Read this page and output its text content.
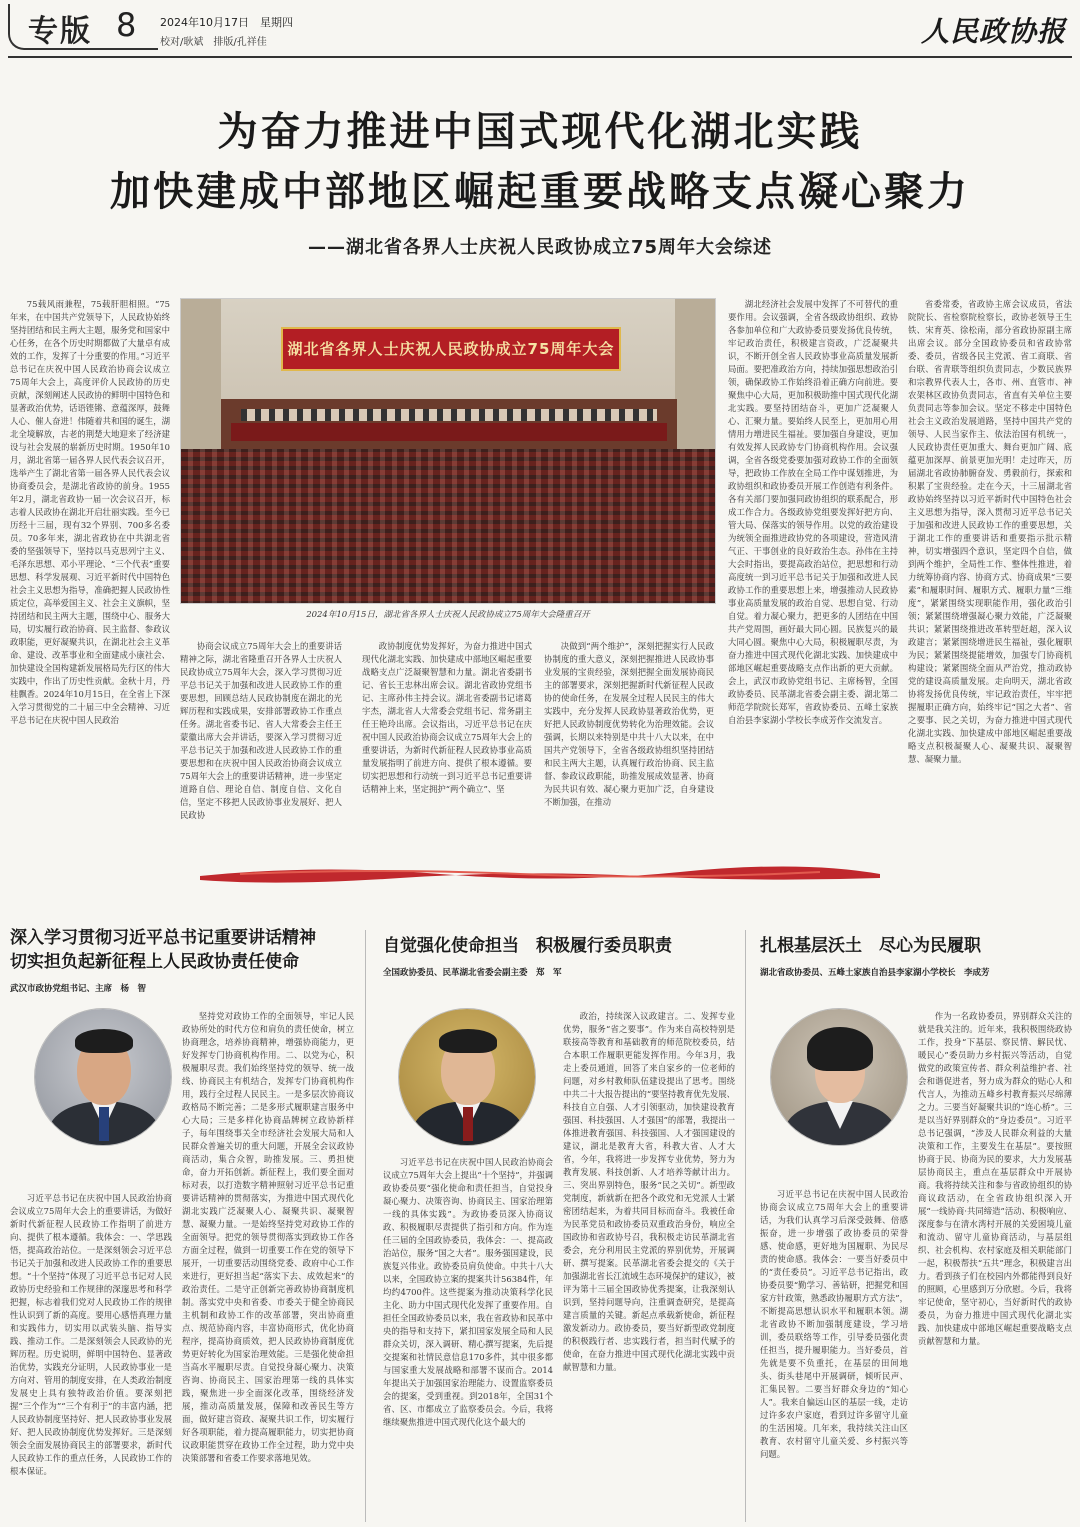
专版 8 2024年10月17日　星期四
校对/耿斌　排版/孔祥佳	人民政协报
为奋力推进中国式现代化湖北实践
加快建成中部地区崛起重要战略支点凝心聚力
——湖北省各界人士庆祝人民政协成立75周年大会综述

75载风雨兼程，75载肝胆相照。“75年来，在中国共产党领导下，人民政协始终坚持团结和民主两大主题，服务党和国家中心任务，在各个历史时期都做了大量卓有成效的工作，发挥了十分重要的作用。”习近平总书记在庆祝中国人民政治协商会议成立75周年大会上，高度评价人民政协的历史贡献，深刻阐述人民政协的鲜明中国特色和显著政治优势，话语铿锵、意蕴深厚，鼓舞人心、催人奋进！伟随着共和国的诞生，湖北全境解放，古老的荆楚大地迎来了经济建设与社会发展的崭新历史时期。1950年10月，湖北省第一届各界人民代表会议召开，选举产生了湖北省第一届各界人民代表会议协商委员会，是湖北省政协的前身。1955年2月，湖北省政协一届一次会议召开，标志着人民政协在湖北开启壮丽实践。至今已历经十三届，现有32个界别、700多名委员。70多年来，湖北省政协在中共湖北省委的坚强领导下，坚持以马克思列宁主义、毛泽东思想、邓小平理论、“三个代表”重要思想、科学发展观、习近平新时代中国特色社会主义思想为指导，准确把握人民政协性质定位，高举爱国主义、社会主义旗帜，坚持团结和民主两大主题，围绕中心、服务大局，切实履行政治协商、民主监督、参政议政职能，更好凝聚共识，在湖北社会主义革命、建设、改革事业和全面建成小康社会、加快建设全国构建新发展格局先行区的伟大实践中，作出了历史性贡献。金秋十月，丹桂飘香。2024年10月15日，在全省上下深入学习贯彻党的二十届三中全会精神、习近平总书记在庆祝中国人民政治

湖北省各界人士庆祝人民政协成立75周年大会
2024年10月15日，湖北省各界人士庆祝人民政协成立75周年大会隆重召开

协商会议成立75周年大会上的重要讲话精神之际，湖北省隆重召开各界人士庆祝人民政协成立75周年大会，深入学习贯彻习近平总书记关于加强和改进人民政协工作的重要思想，回顾总结人民政协制度在湖北的光辉历程和实践成果，安排部署政协工作重点任务。湖北省委书记、省人大常委会主任王蒙徽出席大会并讲话，要深入学习贯彻习近平总书记关于加强和改进人民政协工作的重要思想和在庆祝中国人民政治协商会议成立75周年大会上的重要讲话精神，进一步坚定道路自信、理论自信、制度自信、文化自信，坚定不移把人民政协事业发展好、把人民政协

政协制度优势发挥好，为奋力推进中国式现代化湖北实践、加快建成中部地区崛起重要战略支点广泛凝聚智慧和力量。湖北省委副书记、省长王忠林出席会议。湖北省政协党组书记、主席孙伟主持会议。湖北省委副书记诸葛宇杰，湖北省人大常委会党组书记、常务副主任王艳玲出席。会议指出，习近平总书记在庆祝中国人民政治协商会议成立75周年大会上的重要讲话，为新时代新征程人民政协事业高质量发展指明了前进方向、提供了根本遵循。要切实把思想和行动统一到习近平总书记重要讲话精神上来，坚定拥护“两个确立”、坚

决做到“两个维护”，深刻把握实行人民政协制度的重大意义，深刻把握推进人民政协事业发展的宝贵经验，深刻把握全面发展协商民主的部署要求，深刻把握新时代新征程人民政协的使命任务，在发展全过程人民民主的伟大实践中，充分发挥人民政协显著政治优势，更好把人民政协制度优势转化为治理效能。会议强调，长期以来特别是中共十八大以来，在中国共产党领导下，全省各级政协组织坚持团结和民主两大主题，认真履行政治协商、民主监督、参政议政职能，助推发展成效显著、协商为民共识有效、凝心聚力更加广泛，自身建设不断加强，在推动

湖北经济社会发展中发挥了不可替代的重要作用。会议强调，全省各级政协组织、政协各参加单位和广大政协委员要发扬优良传统，牢记政治责任，积极建言资政，广泛凝聚共识，不断开创全省人民政协事业高质量发展新局面。要把准政治方向，持续加强思想政治引领，确保政协工作始终沿着正确方向前进。要聚焦中心大局，更加积极助推中国式现代化湖北实践。要坚持团结奋斗，更加广泛凝聚人心、汇聚力量。要始终人民至上，更加用心用情用力增进民生福祉。要加强自身建设，更加有效发挥人民政协专门协商机构作用。会议强调，全省各级党委要加强对政协工作的全面领导，把政协工作放在全局工作中谋划推进，为政协组织和政协委员开展工作创造有利条件。各有关部门要加强同政协组织的联系配合，形成工作合力。各级政协党组要发挥好把方向、管大局、保落实的领导作用。以党的政治建设为统领全面推进政协党的各项建设，营造风清气正、干事创业的良好政治生态。孙伟在主持大会时指出，要提高政治站位，把思想和行动高度统一到习近平总书记关于加强和改进人民政协工作的重要思想上来，增强推动人民政协事业高质量发展的政治自觉、思想自觉、行动自觉。着力凝心聚力，把更多的人团结在中国共产党周围，画好最大同心圆。民族复兴的最大同心圆。聚焦中心大局，积极履职尽责，为奋力推进中国式现代化湖北实践、加快建成中部地区崛起重要战略支点作出新的更大贡献。会上，武汉市政协党组书记、主席杨智，全国政协委员、民革湖北省委会副主委、湖北第二师范学院院长郑军，省政协委员、五峰土家族自治县李家湖小学校长李成芳作交流发言。

省委常委，省政协主席会议成员，省法院院长、省检察院检察长，政协老领导王生铁、宋育英、徐松南，部分省政协原副主席出席会议。部分全国政协委员和省政协常委、委员，省级各民主党派、省工商联、省台联、省青联等组织负责同志，少数民族界和宗教界代表人士，各市、州、直管市、神农架林区政协负责同志，省直有关单位主要负责同志等参加会议。坚定不移走中国特色社会主义政治发展道路，坚持中国共产党的领导、人民当家作主、依法治国有机统一，人民政协责任更加重大、舞台更加广阔、底蕴更加深厚、前景更加光明！走过昨天，历届湖北省政协肺腑奋发、勇毅前行，探索和积累了宝贵经验。走在今天，十三届湖北省政协始终坚持以习近平新时代中国特色社会主义思想为指导，深入贯彻习近平总书记关于加强和改进人民政协工作的重要思想，关于湖北工作的重要讲话和重要指示批示精神，切实增强四个意识，坚定四个自信，做到两个维护，全局性工作、整体性推进，着力统筹协商内容、协商方式、协商成果“三要素”和履职时间、履职方式、履职力量“三维度”，紧紧围绕实现职能作用，强化政治引领；紧紧围绕增强凝心聚力效能，广泛凝聚共识；紧紧围绕推进改革转型赶超，深入议政建言；紧紧围绕增进民生福祉，强化履职为民；紧紧围绕提能增效，加强专门协商机构建设；紧紧围绕全面从严治党，推动政协党的建设高质量发展。走向明天，湖北省政协将发扬优良传统，牢记政治责任，牢牢把握履职正确方向，始终牢记“国之大者”、省之要事、民之关切，为奋力推进中国式现代化湖北实践、加快建成中部地区崛起重要战略支点积极凝聚人心、凝聚共识、凝聚智慧、凝聚力量。

深入学习贯彻习近平总书记重要讲话精神
切实担负起新征程上人民政协责任使命
武汉市政协党组书记、主席　杨　智

习近平总书记在庆祝中国人民政治协商会议成立75周年大会上的重要讲话，为做好新时代新征程人民政协工作指明了前进方向、提供了根本遵循。我体会：一、学思践悟，提高政治站位。一是深刻领会习近平总书记关于加强和改进人民政协工作的重要思想。“十个坚持”体现了习近平总书记对人民政协历史经验和工作规律的深邃思考和科学把握，标志着我们党对人民政协工作的规律性认识到了新的高度。要用心感悟真理力量和实践伟力，切实用以武装头脑、指导实践、推动工作。二是深刻领会人民政协的光辉历程。历史说明，鲜明中国特色、显著政治优势，实践充分证明，人民政协事业一是方向对、管用的制度安排，在人类政治制度发展史上具有独特政治价值。要深刻把握“三个作为”“三个有利于”的丰富内涵，把人民政协制度坚持好、把人民政协事业发展好、把人民政协制度优势发挥好。三是深刻领会全面发展协商民主的部署要求，新时代人民政协工作的重点任务，人民政协工作的根本保证。

坚持党对政协工作的全面领导，牢记人民政协所处的时代方位和肩负的责任使命，树立协商理念，培养协商精神，增强协商能力，更好发挥专门协商机构作用。二、以党为心，积极履职尽责。我们始终坚持党的领导、统一战线、协商民主有机结合，发挥专门协商机构作用，践行全过程人民民主。一是多层次协商议政格局不断完善；二是多形式履职建言服务中心大局；三是多样化协商品牌树立政协新样子，每年围绕事关全市经济社会发展大局和人民群众普遍关切的重大问题，开展全会议政协商活动，集合众智，助推发展。三、勇担使命，奋力开拓创新。新征程上，我们要全面对标对表，以打造数字精神照射习近平总书记重要讲话精神的贯彻落实，为推进中国式现代化湖北实践广泛凝聚人心、凝聚共识、凝聚智慧、凝聚力量。一是始终坚持党对政协工作的全面领导。把党的领导贯彻落实到政协工作各方面全过程，做到一切重要工作在党的领导下展开，一切重要活动围绕党委、政府中心工作来进行，更好担当起“落实下去、成效起来”的政治责任。二是守正创新完善政协协商制度机制。落实党中央和省委、市委关于健全协商民主机制和政协工作的改革部署，突出协商重点、规范协商内容，丰富协商形式，优化协商程序，提高协商质效，把人民政协协商制度优势更好转化为国家治理效能。三是强化使命担当高水平履职尽责。自觉投身凝心聚力、决策咨询、协商民主、国家治理第一线的具体实践，聚焦进一步全面深化改革，围绕经济发展，推动高质量发展，保障和改善民生等方面，做好建言资政、凝聚共识工作，切实履行好各项职能，着力提高履职能力，切实把协商议政职能贯穿在政协工作全过程，助力党中央决策部署和省委工作要求落地见效。

自觉强化使命担当　积极履行委员职责
全国政协委员、民革湖北省委会副主委　郑　军

习近平总书记在庆祝中国人民政治协商会议成立75周年大会上提出“十个坚持”，并强调政协委员要“强化使命和责任担当，自觉投身凝心聚力、决策咨询、协商民主、国家治理第一线的具体实践”。为政协委员深入协商议政、积极履职尽责提供了指引和方向。作为连任三届的全国政协委员，我体会：一、提高政治站位，服务“国之大者”。服务强国建设，民族复兴伟业。政协委员肩负使命。中共十八大以来，全国政协立案的提案共计56384件，年均约4700件。这些提案为推动决策科学化民主化、助力中国式现代化发挥了重要作用。自担任全国政协委员以来，我在省政协和民革中央的指导和支持下，紧扣国家发展全局和人民群众关切，深入调研、精心撰写提案，先后提交提案和社情民意信息170多件，其中很多都与国家重大发展战略和部署不谋而合。2014年提出关于加强国家治理能力、设置监察委员会的提案，受到重视。到2018年，全国31个省、区、市都成立了监察委员会。今后，我将继续聚焦推进中国式现代化这个最大的

政治，持续深入议政建言。二、发挥专业优势，服务“省之要事”。作为来自高校特别是联接高等教育和基础教育的师范院校委员，结合本职工作履职更能发挥作用。今年3月，我走上委员通道，回答了来自家乡的一位老师的问题，对乡村教师队伍建设提出了思考。围绕中共二十大报告提出的“要坚持教育优先发展、科技自立自强、人才引领驱动，加快建设教育强国、科技强国、人才强国”的部署，我提出一体推进教育强国、科技强国、人才强国建设的建议，湖北是教育大省，科教大省、人才大省，今年，我将进一步发挥专业优势，努力为教育发展、科技创新、人才培养等献计出力。三、突出界别特色，服务“民之关切”。新型政党制度，新就新在把各个政党和无党派人士紧密团结起来，为着共同目标而奋斗。我被任命为民革党员和政协委员双重政治身份，响应全国政协和省政协号召，我积极走访民革湖北省委会，充分利用民主党派的界别优势，开展调研、撰写提案。民革湖北省委会提交的《关于加强湖北省长江流域生态环境保护的建议》，被评为第十三届全国政协优秀提案，让我深刻认识到，坚持问题导向，注重调查研究，是提高建言质量的关键。新起点承载新使命，新征程激发新动力。政协委员，要当好新型政党制度的积极践行者、忠实践行者，担当时代赋予的使命，在奋力推进中国式现代化湖北实践中贡献智慧和力量。

扎根基层沃土　尽心为民履职
湖北省政协委员、五峰土家族自治县李家湖小学校长　李成芳

习近平总书记在庆祝中国人民政治协商会议成立75周年大会上的重要讲话，为我们认真学习后深受鼓舞、倍感振奋，进一步增强了政协委员的荣誉感、使命感，更好地为国履职、为民尽责的使命感。我体会：一要当好委员中的“责任委员”。习近平总书记指出，政协委员要“勤学习、善钻研，把握党和国家方针政策，熟悉政协履职方式方法”，不断提高思想认识水平和履职本领。湖北省政协不断加强制度建设，学习培训，委员联络等工作，引导委员强化责任担当，提升履职能力。当好委员，首先就是要不负重托，在基层的田间地头、街头巷尾中开展调研，倾听民声、汇集民智。二要当好群众身边的“知心人”。我来自偏远山区的基层一线，走访过许多农户家庭，看到过许多留守儿童的生活困境。几年来，我持续关注山区教育、农村留守儿童关爱、乡村振兴等问题。

作为一名政协委员，界别群众关注的就是我关注的。近年来，我积极围绕政协工作，投身“下基层、察民情、解民忧、暖民心”委员助力乡村振兴等活动，自觉做党的政策宣传者、群众利益维护者、社会和谐促进者，努力成为群众的贴心人和代言人，为推动五峰乡村教育振兴尽绵薄之力。三要当好凝聚共识的“连心桥”。三是以当好界别群众的“身边委员”。习近平总书记强调，“涉及人民群众利益的大量决策和工作，主要发生在基层”。要按照协商于民、协商为民的要求，大力发展基层协商民主，重点在基层群众中开展协商。我将持续关注和参与省政协组织的协商议政活动，在全省政协组织深入开展“一线协商·共同缔造”活动、积极响应、深度参与在清水湾村开展的关爱困境儿童和流动、留守儿童协商活动，与基层组织、社会机构、农村家庭及相关职能部门一起，积极帮扶“五共”理念，积极建言出力。看到孩子们在校园内外都能得到良好的照顾，心里感到万分欣慰。今后，我将牢记使命，坚守初心，当好新时代的政协委员，为奋力推进中国式现代化湖北实践、加快建成中部地区崛起重要战略支点贡献智慧和力量。
